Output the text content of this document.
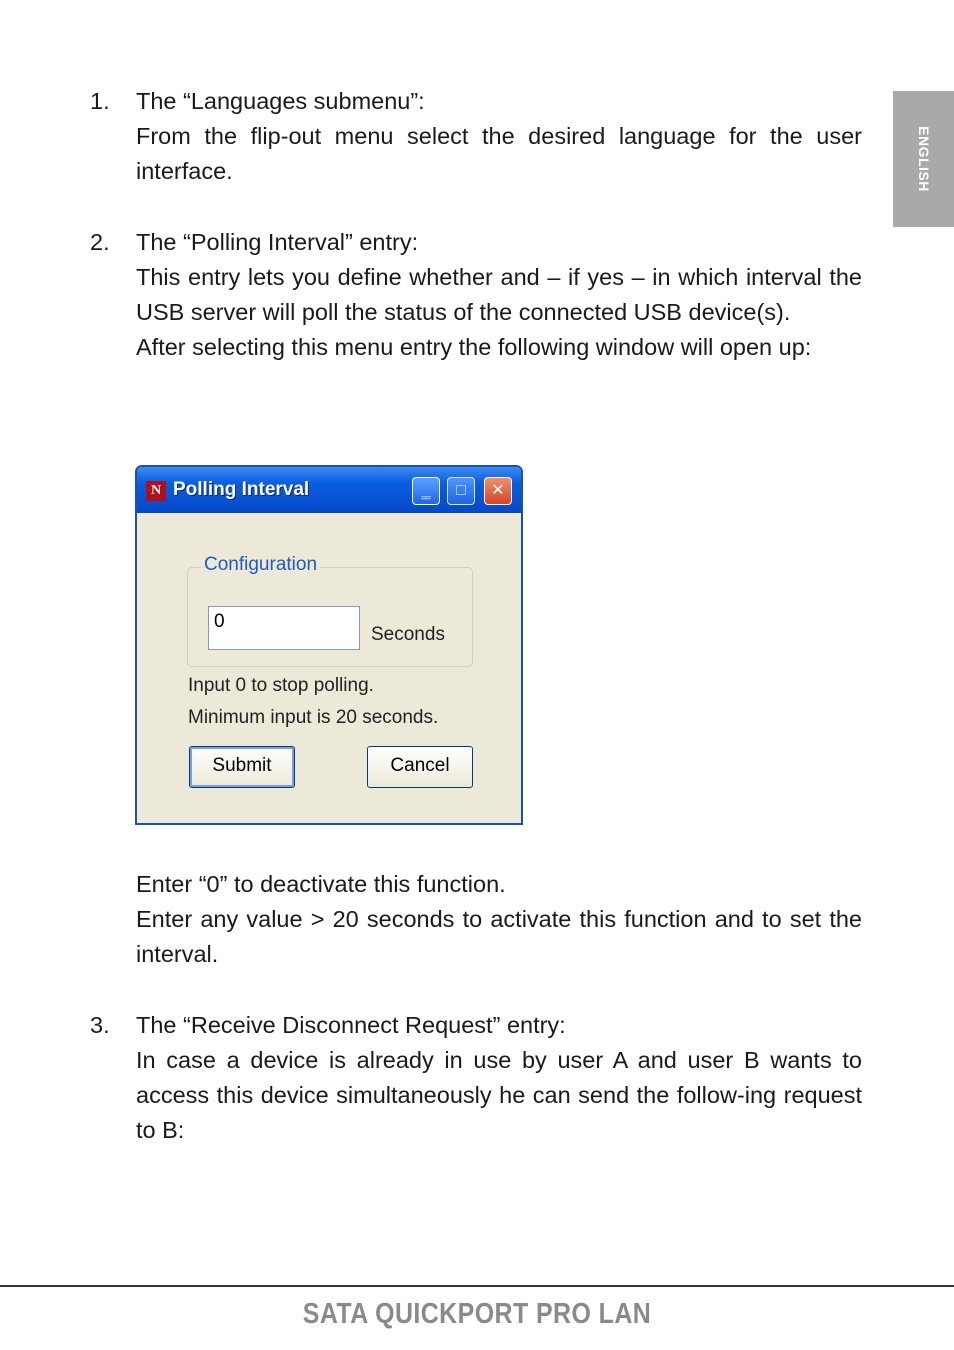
ENGLISH
1. The “Languages submenu”:

From the flip-out menu select the desired language for the user interface.

2. The “Polling Interval” entry:

This entry lets you define whether and – if yes – in which interval the USB server will poll the status of the connected USB device(s).

After selecting this menu entry the following window will open up:

N Polling Interval	‗	□	✕
Configuration
0
Seconds
Input 0 to stop polling.
Minimum input is 20 seconds.
Submit	Cancel

Enter “0” to deactivate this function.

Enter any value > 20 seconds to activate this function and to set the interval.

3. The “Receive Disconnect Request” entry:

In case a device is already in use by user A and user B wants to access this device simultaneously he can send the follow-ing request to B:

SATA QUICKPORT PRO LAN
